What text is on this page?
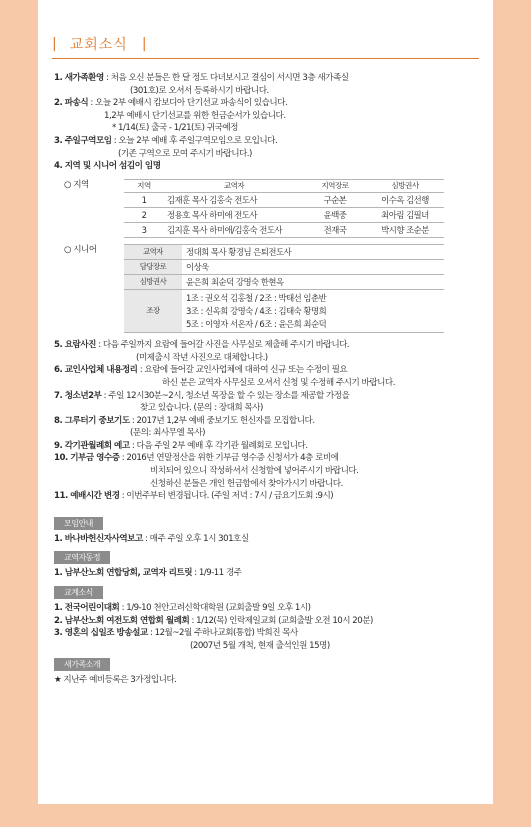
| 교회소식 |
1. 새가족환영 : 처음 오신 분들은 한 달 정도 다녀보시고 결심이 서시면 3층 새가족실
(301호)로 오셔서 등록하시기 바랍니다.
2. 파송식 : 오늘 2부 예배시 캄보디아 단기선교 파송식이 있습니다.
1,2부 예배시 단기선교를 위한 헌금순서가 있습니다.
* 1/14(토) 출국 - 1/21(토) 귀국예정
3. 주일구역모임 : 오늘 2부 예배 후 주일구역모임으로 모입니다.
(기존 구역으로 모여 주시기 바랍니다.)
4. 지역 및 시니어 섬김이 임명
○ 지역	지역	교역자	지역장로	심방권사
1	김재훈 목사 김홍숙 전도사	구순본	이수옥 김선행
2	정용호 목사 하미애 전도사	윤백중	최아림 김필녀
3	김지훈 목사 하미애/김홍숙 전도사	전재국	박시향 조순분
○ 시니어	교역자	정대희 목사 황경님 은퇴전도사

담당장로	이상욱

심방권사	윤은희 최순덕 강명숙 한현옥

조장	1조 : 권오석 김홍철 / 2조 : 박태선 임춘반
3조 : 신옥희 강명숙 / 4조 : 김태숙 황명희
5조 : 이영자 서온자 / 6조 : 윤은희 최순덕
5. 요람사진 : 다음 주일까지 요람에 들어갈 사진을 사무실로 제출해 주시기 바랍니다.
(미제출시 작년 사진으로 대체합니다.)
6. 교인사업체 내용정리 : 요람에 들어갈 교인사업체에 대하여 신규 또는 수정이 필요
하신 분은 교역자 사무실로 오셔서 신청 및 수정해 주시기 바랍니다.
7. 청소년2부 : 주일 12시30분~2시, 청소년 목장을 할 수 있는 장소를 제공할 가정을
찾고 있습니다. (문의 : 장대희 목사)
8. 그루터기 중보기도 : 2017년 1,2부 예배 중보기도 헌신자를 모집합니다.
(문의: 최사무엘 목사)
9. 각기관월례회 예고 : 다음 주일 2부 예배 후 각기관 월례회로 모입니다.
10. 기부금 영수증 : 2016년 연말정산을 위한 기부금 영수증 신청서가 4층 로비에
비치되어 있으니 작성하셔서 신청함에 넣어주시기 바랍니다.
신청하신 분들은 개인 헌금함에서 찾아가시기 바랍니다.
11. 예배시간 변경 : 이번주부터 변경됩니다. (주일 저녁 : 7시 / 금요기도회 :9시)
모임안내
1. 바나바헌신자사역보고 : 매주 주일 오후 1시 301호실
교역자동정
1. 남부산노회 연합당회, 교역자 리트릿 : 1/9-11 경주
교계소식
1. 전국어린이대회 : 1/9-10 천안고려신학대학원 (교회출발 9일 오후 1시)
2. 남부산노회 여전도회 연합회 월례회 : 1/12(목) 인락제일교회 (교회출발 오전 10시 20분)
3. 영혼의 십일조 방송설교 : 12월~2월 주하나교회(통합) 박희진 목사
(2007년 5월 개척, 현재 출석인원 15명)
새가족소개
★ 지난주 예비등록은 3가정입니다.
